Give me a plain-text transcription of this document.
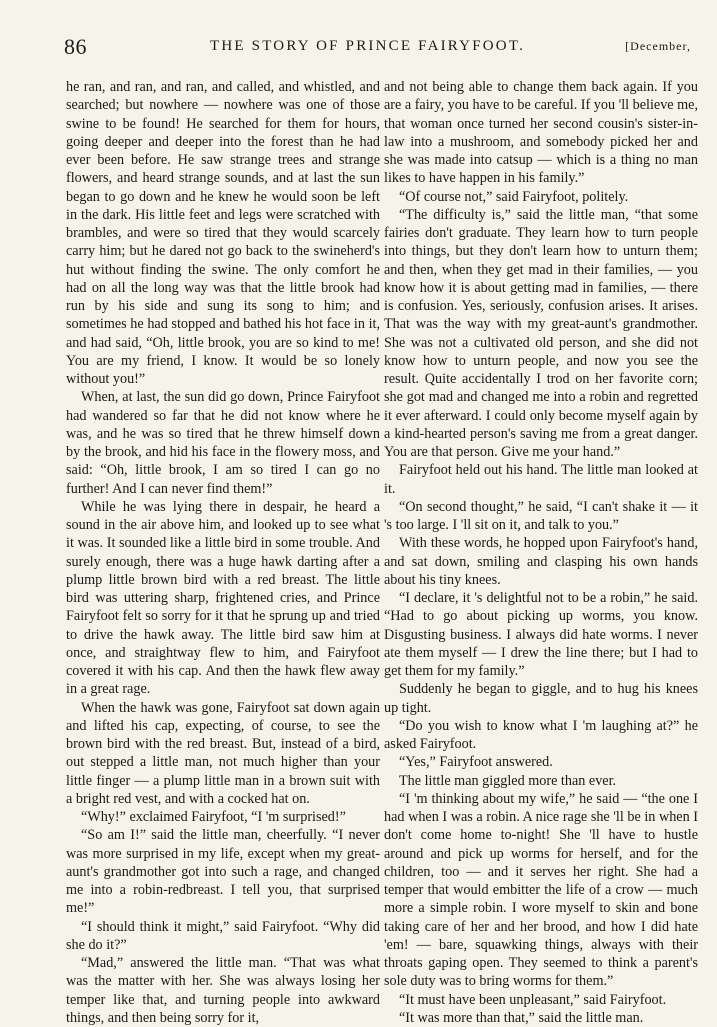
86	THE STORY OF PRINCE FAIRYFOOT.	[December,

he ran, and ran, and ran, and called, and whistled, and searched; but nowhere — nowhere was one of those swine to be found! He searched for them for hours, going deeper and deeper into the forest than he had ever been before. He saw strange trees and strange flowers, and heard strange sounds, and at last the sun began to go down and he knew he would soon be left in the dark. His little feet and legs were scratched with brambles, and were so tired that they would scarcely carry him; but he dared not go back to the swineherd's hut without finding the swine. The only comfort he had on all the long way was that the little brook had run by his side and sung its song to him; and sometimes he had stopped and bathed his hot face in it, and had said, “Oh, little brook, you are so kind to me! You are my friend, I know. It would be so lonely without you!”

When, at last, the sun did go down, Prince Fairyfoot had wandered so far that he did not know where he was, and he was so tired that he threw himself down by the brook, and hid his face in the flowery moss, and said: “Oh, little brook, I am so tired I can go no further! And I can never find them!”

While he was lying there in despair, he heard a sound in the air above him, and looked up to see what it was. It sounded like a little bird in some trouble. And surely enough, there was a huge hawk darting after a plump little brown bird with a red breast. The little bird was uttering sharp, frightened cries, and Prince Fairyfoot felt so sorry for it that he sprung up and tried to drive the hawk away. The little bird saw him at once, and straightway flew to him, and Fairyfoot covered it with his cap. And then the hawk flew away in a great rage.

When the hawk was gone, Fairyfoot sat down again and lifted his cap, expecting, of course, to see the brown bird with the red breast. But, instead of a bird, out stepped a little man, not much higher than your little finger — a plump little man in a brown suit with a bright red vest, and with a cocked hat on.

“Why!” exclaimed Fairyfoot, “I 'm surprised!”

“So am I!” said the little man, cheerfully. “I never was more surprised in my life, except when my great-aunt's grandmother got into such a rage, and changed me into a robin-redbreast. I tell you, that surprised me!”

“I should think it might,” said Fairyfoot. “Why did she do it?”

“Mad,” answered the little man. “That was what was the matter with her. She was always losing her temper like that, and turning people into awkward things, and then being sorry for it,

and not being able to change them back again. If you are a fairy, you have to be careful. If you 'll believe me, that woman once turned her second cousin's sister-in-law into a mushroom, and somebody picked her and she was made into catsup — which is a thing no man likes to have happen in his family.”

“Of course not,” said Fairyfoot, politely.

“The difficulty is,” said the little man, “that some fairies don't graduate. They learn how to turn people into things, but they don't learn how to unturn them; and then, when they get mad in their families, — you know how it is about getting mad in families, — there is confusion. Yes, seriously, confusion arises. It arises. That was the way with my great-aunt's grandmother. She was not a cultivated old person, and she did not know how to unturn people, and now you see the result. Quite accidentally I trod on her favorite corn; she got mad and changed me into a robin and regretted it ever afterward. I could only become myself again by a kind-hearted person's saving me from a great danger. You are that person. Give me your hand.”

Fairyfoot held out his hand. The little man looked at it.

“On second thought,” he said, “I can't shake it — it 's too large. I 'll sit on it, and talk to you.”

With these words, he hopped upon Fairyfoot's hand, and sat down, smiling and clasping his own hands about his tiny knees.

“I declare, it 's delightful not to be a robin,” he said. “Had to go about picking up worms, you know. Disgusting business. I always did hate worms. I never ate them myself — I drew the line there; but I had to get them for my family.”

Suddenly he began to giggle, and to hug his knees up tight.

“Do you wish to know what I 'm laughing at?” he asked Fairyfoot.

“Yes,” Fairyfoot answered.

The little man giggled more than ever.

“I 'm thinking about my wife,” he said — “the one I had when I was a robin. A nice rage she 'll be in when I don't come home to-night! She 'll have to hustle around and pick up worms for herself, and for the children, too — and it serves her right. She had a temper that would embitter the life of a crow — much more a simple robin. I wore myself to skin and bone taking care of her and her brood, and how I did hate 'em! — bare, squawking things, always with their throats gaping open. They seemed to think a parent's sole duty was to bring worms for them.”

“It must have been unpleasant,” said Fairyfoot.

“It was more than that,” said the little man.
